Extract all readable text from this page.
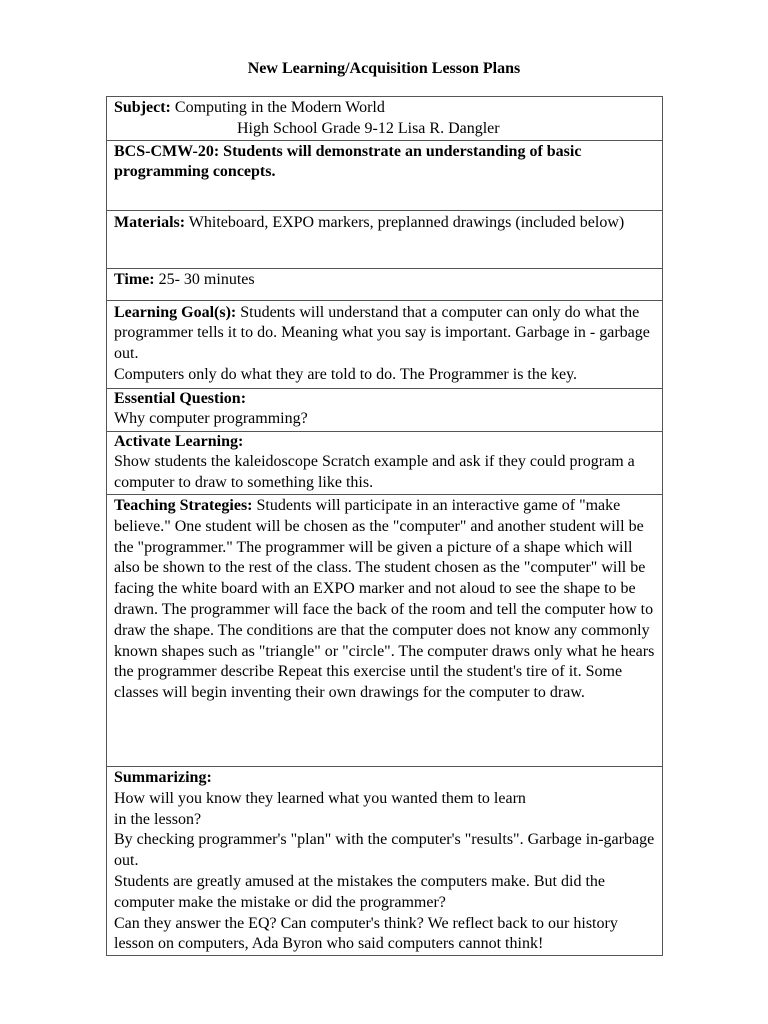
New Learning/Acquisition Lesson Plans
Subject: Computing in the Modern World
High School Grade 9-12 Lisa R. Dangler

BCS-CMW-20: Students will demonstrate an understanding of basic programming concepts.

Materials: Whiteboard, EXPO markers, preplanned drawings (included below)

Time: 25- 30 minutes

Learning Goal(s): Students will understand that a computer can only do what the programmer tells it to do. Meaning what you say is important. Garbage in - garbage out.
Computers only do what they are told to do. The Programmer is the key.

Essential Question:
Why computer programming?

Activate Learning:
Show students the kaleidoscope Scratch example and ask if they could program a computer to draw to something like this.

Teaching Strategies: Students will participate in an interactive game of "make believe." One student will be chosen as the "computer" and another student will be the "programmer." The programmer will be given a picture of a shape which will also be shown to the rest of the class. The student chosen as the "computer" will be facing the white board with an EXPO marker and not aloud to see the shape to be drawn. The programmer will face the back of the room and tell the computer how to draw the shape. The conditions are that the computer does not know any commonly known shapes such as "triangle" or "circle". The computer draws only what he hears the programmer describe Repeat this exercise until the student's tire of it. Some classes will begin inventing their own drawings for the computer to draw.

Summarizing:
How will you know they learned what you wanted them to learn
in the lesson?
By checking programmer's "plan" with the computer's "results". Garbage in-garbage out.
Students are greatly amused at the mistakes the computers make. But did the computer make the mistake or did the programmer?
Can they answer the EQ? Can computer's think? We reflect back to our history lesson on computers, Ada Byron who said computers cannot think!
